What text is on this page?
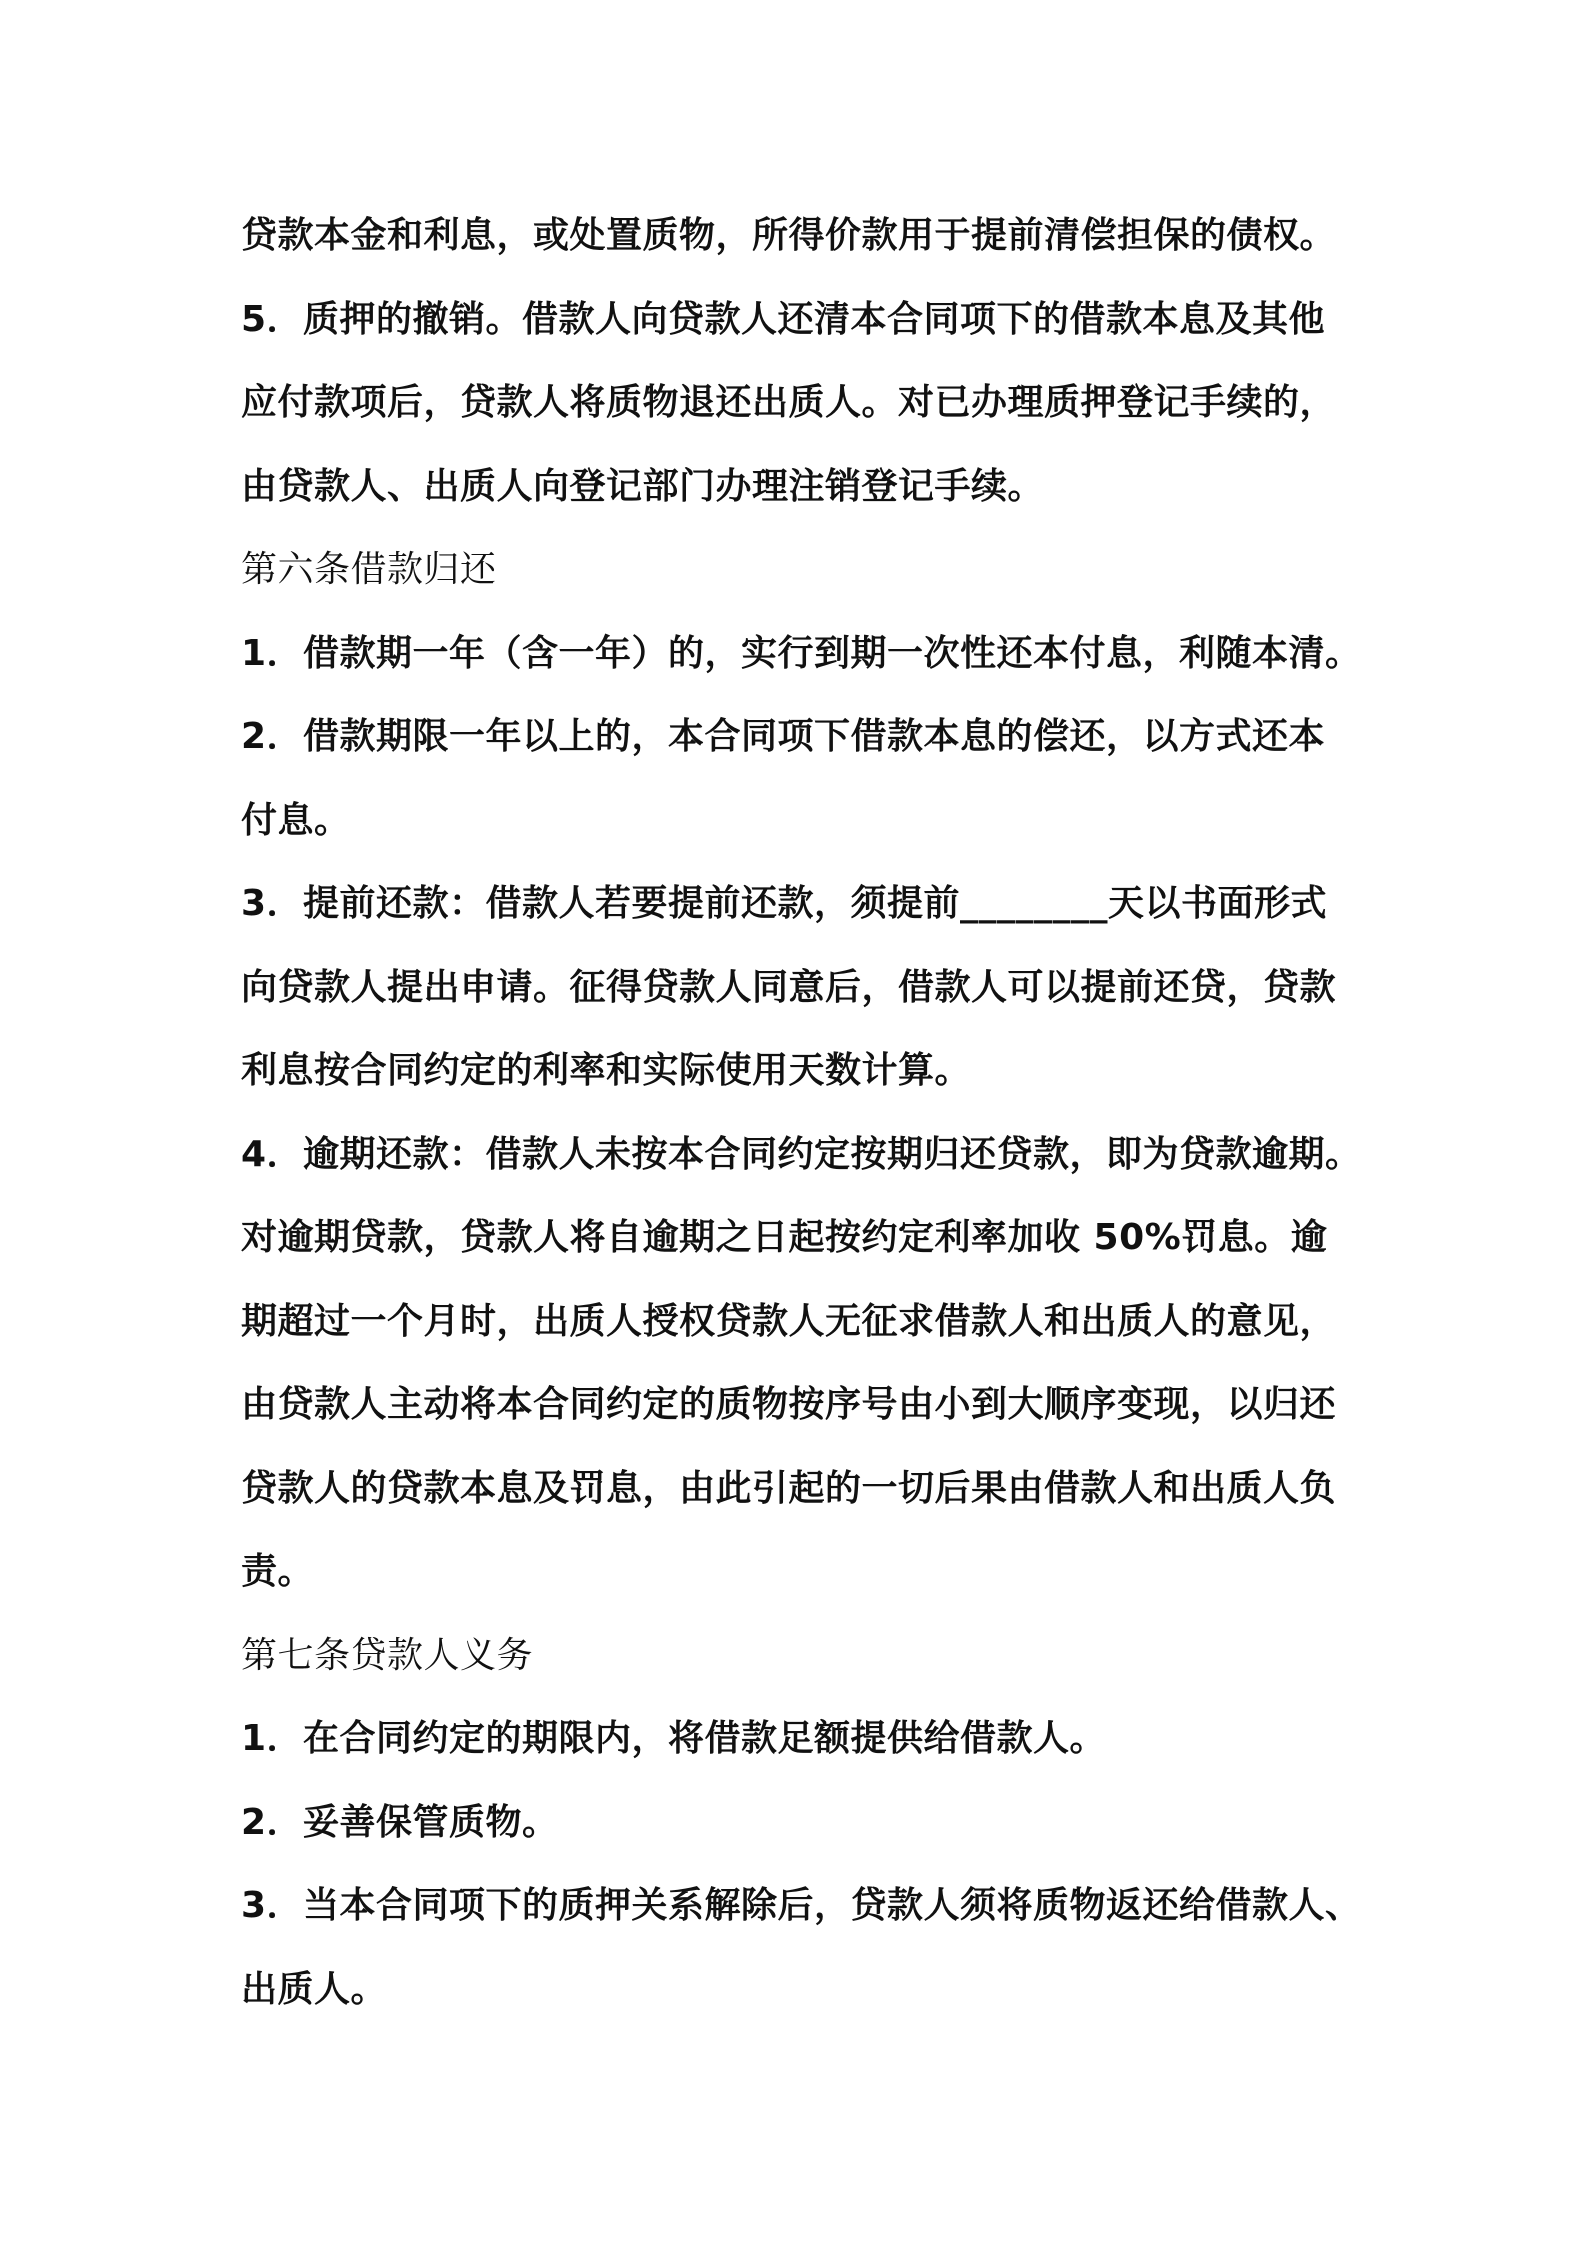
贷款本金和利息，或处置质物，所得价款用于提前清偿担保的债权。
5．质押的撤销。借款人向贷款人还清本合同项下的借款本息及其他
应付款项后，贷款人将质物退还出质人。对已办理质押登记手续的，
由贷款人、出质人向登记部门办理注销登记手续。
第六条借款归还
1．借款期一年（含一年）的，实行到期一次性还本付息，利随本清。
2．借款期限一年以上的，本合同项下借款本息的偿还，以方式还本
付息。
3．提前还款：借款人若要提前还款，须提前________天以书面形式
向贷款人提出申请。征得贷款人同意后，借款人可以提前还贷，贷款
利息按合同约定的利率和实际使用天数计算。
4．逾期还款：借款人未按本合同约定按期归还贷款，即为贷款逾期。
对逾期贷款，贷款人将自逾期之日起按约定利率加收 50%罚息。逾
期超过一个月时，出质人授权贷款人无征求借款人和出质人的意见，
由贷款人主动将本合同约定的质物按序号由小到大顺序变现，以归还
贷款人的贷款本息及罚息，由此引起的一切后果由借款人和出质人负
责。
第七条贷款人义务
1．在合同约定的期限内，将借款足额提供给借款人。
2．妥善保管质物。
3．当本合同项下的质押关系解除后，贷款人须将质物返还给借款人、
出质人。
